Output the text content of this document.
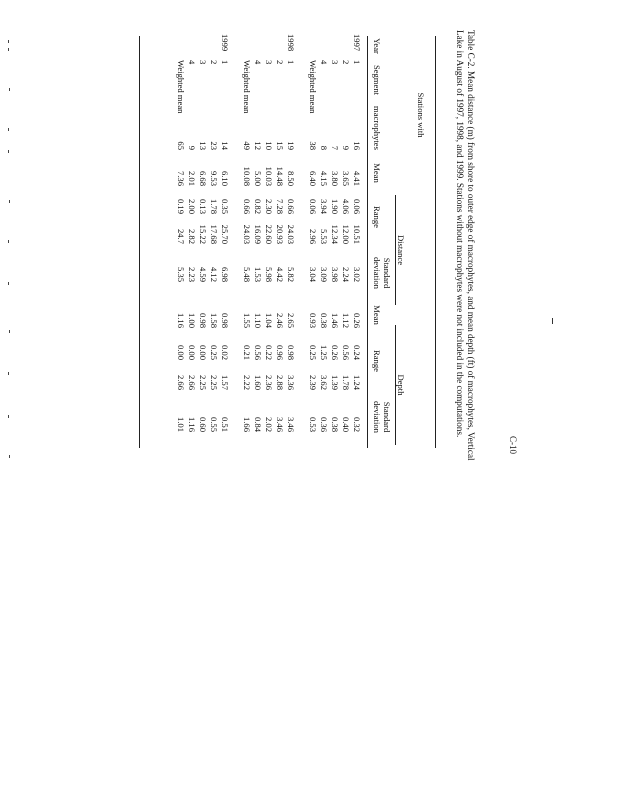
Table C-2. Mean distance (m) from shore to outer edge of macrophytes, and mean depth (ft) of macrophytes, Vertical Lake in August of 1997, 1998, and 1999. Stations without macrophytes were not included in the computations.
Stations with
Distance
Depth
Year
Segment
macrophytes
Mean
Range
Standard deviation
Mean
Range
Standard deviation
1997
1
16
4.41
0.06
10.51
3.02
0.26
0.24
1.24
0.32
2
9
3.65
4.06
12.00
2.24
1.12
0.56
1.78
0.40
3
7
3.80
1.90
12.34
3.98
1.46
0.26
1.39
0.38
4
8
4.15
3.94
5.53
3.09
0.38
1.25
3.62
0.36
Weighted mean
38
6.40
0.06
2.96
3.04
0.93
0.25
2.39
0.53
1998
1
19
8.50
0.66
24.03
5.82
2.65
0.98
3.36
3.46
2
15
14.48
7.28
20.93
4.42
2.46
0.96
2.88
3.46
3
10
10.03
2.30
22.60
5.98
1.04
0.22
2.36
2.02
4
12
5.00
0.82
16.09
1.53
1.10
0.56
1.60
0.84
Weighted mean
49
10.08
0.66
24.03
5.48
1.55
0.21
2.22
1.66
1999
1
14
6.10
0.35
25.70
6.98
0.98
0.02
1.57
0.51
2
23
9.53
1.78
17.68
4.12
1.58
0.25
2.25
0.55
3
13
6.68
0.13
15.22
4.59
0.98
0.00
2.25
0.60
4
9
2.01
2.00
2.82
2.23
1.00
0.00
2.66
1.16
Weighted mean
65
7.36
0.19
24.7
5.35
1.16
0.00
2.66
1.01
C-10
